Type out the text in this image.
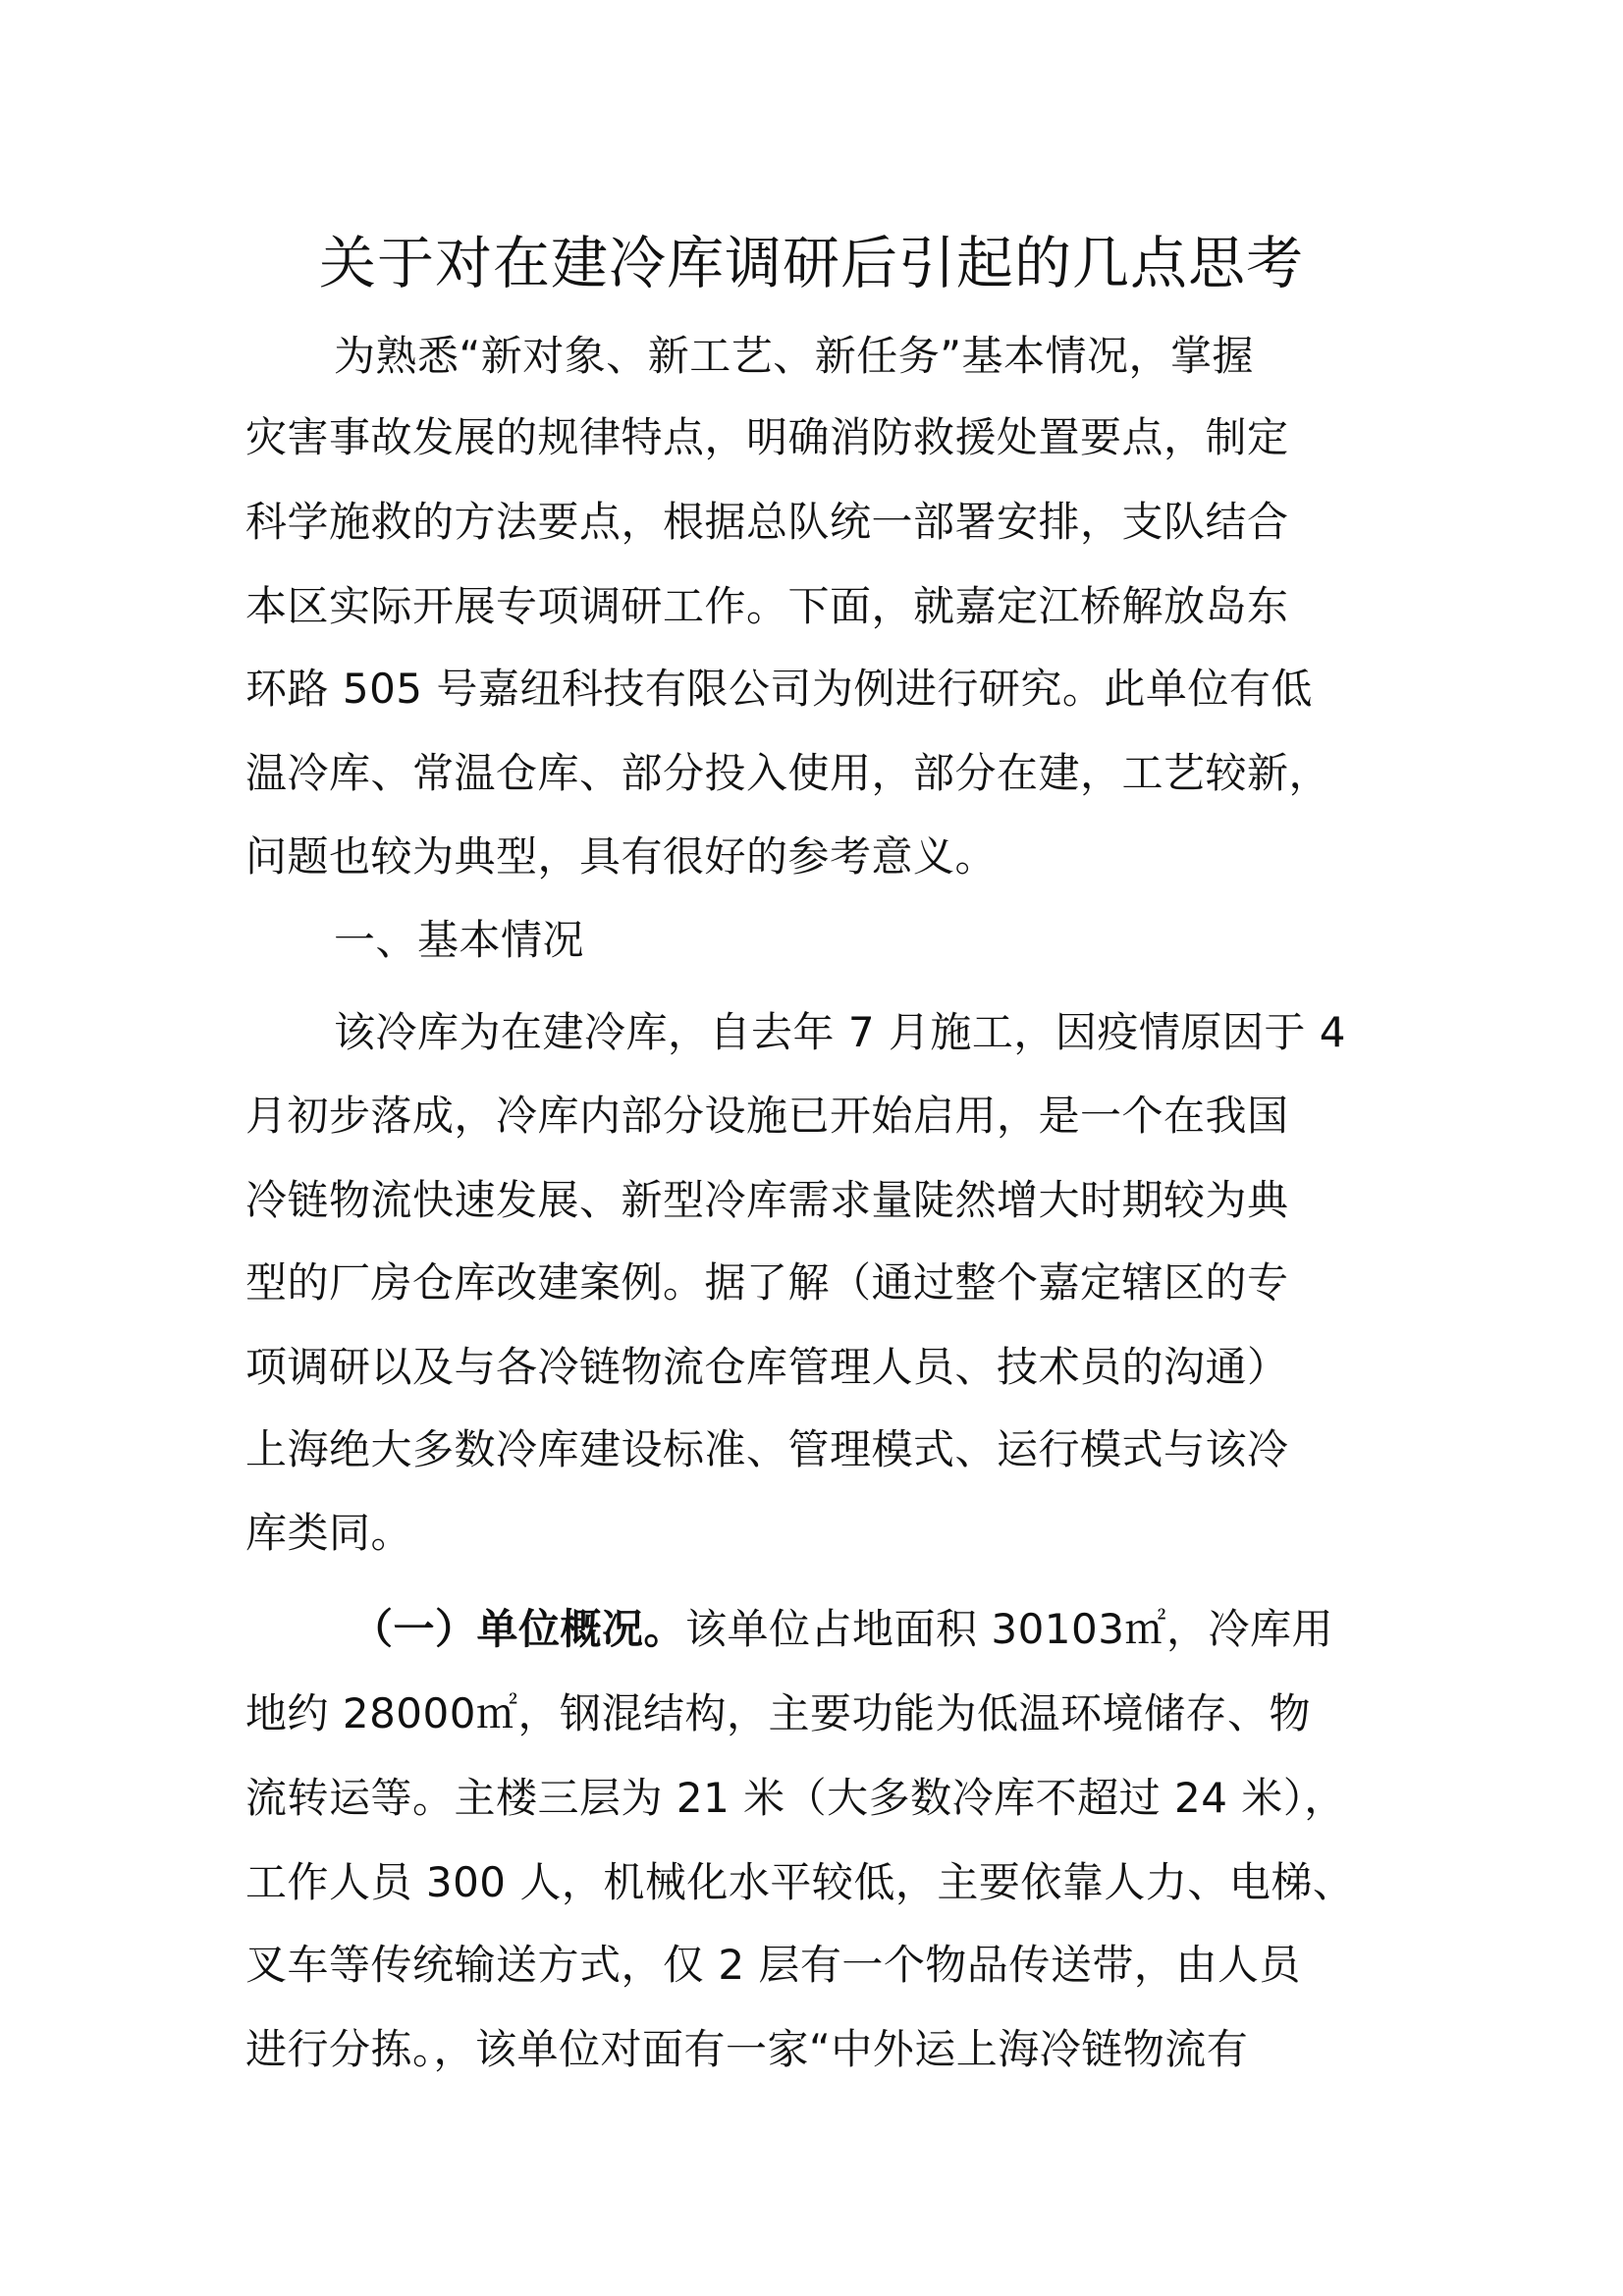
关于对在建冷库调研后引起的几点思考
为熟悉“新对象、新工艺、新任务”基本情况，掌握
灾害事故发展的规律特点，明确消防救援处置要点，制定
科学施救的方法要点，根据总队统一部署安排，支队结合
本区实际开展专项调研工作。下面，就嘉定江桥解放岛东
环路 505 号嘉纽科技有限公司为例进行研究。此单位有低
温冷库、常温仓库、部分投入使用，部分在建，工艺较新，
问题也较为典型，具有很好的参考意义。
一、基本情况
该冷库为在建冷库，自去年 7 月施工，因疫情原因于 4
月初步落成，冷库内部分设施已开始启用，是一个在我国
冷链物流快速发展、新型冷库需求量陡然增大时期较为典
型的厂房仓库改建案例。据了解（通过整个嘉定辖区的专
项调研以及与各冷链物流仓库管理人员、技术员的沟通）
上海绝大多数冷库建设标准、管理模式、运行模式与该冷
库类同。
（一）单位概况。该单位占地面积 30103㎡，冷库用
地约 28000㎡，钢混结构，主要功能为低温环境储存、物
流转运等。主楼三层为 21 米（大多数冷库不超过 24 米），
工作人员 300 人，机械化水平较低，主要依靠人力、电梯、
叉车等传统输送方式，仅 2 层有一个物品传送带，由人员
进行分拣。，该单位对面有一家“中外运上海冷链物流有
